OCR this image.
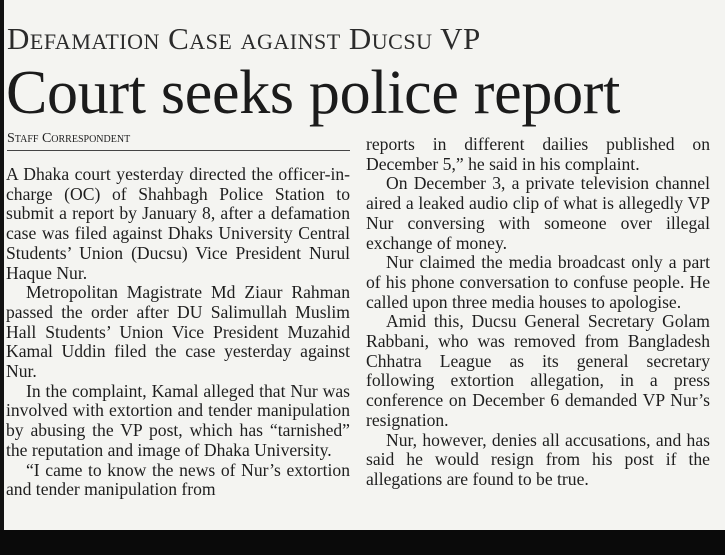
Defamation Case against Ducsu VP
Court seeks police report
Staff Correspondent

A Dhaka court yesterday directed the officer-in-charge (OC) of Shahbagh Police Station to submit a report by January 8, after a defamation case was filed against Dhaks University Central Students’ Union (Ducsu) Vice President Nurul Haque Nur.

Metropolitan Magistrate Md Ziaur Rahman passed the order after DU Salimullah Muslim Hall Students’ Union Vice President Muzahid Kamal Uddin filed the case yesterday against Nur.

In the complaint, Kamal alleged that Nur was involved with extortion and tender manipulation by abusing the VP post, which has “tarnished” the reputation and image of Dhaka University.

“I came to know the news of Nur’s extortion and tender manipulation from

reports in different dailies published on December 5,” he said in his complaint.

On December 3, a private television channel aired a leaked audio clip of what is allegedly VP Nur conversing with someone over illegal exchange of money.

Nur claimed the media broadcast only a part of his phone conversation to confuse people. He called upon three media houses to apologise.

Amid this, Ducsu General Secretary Golam Rabbani, who was removed from Bangladesh Chhatra League as its general secretary following extortion allegation, in a press conference on December 6 demanded VP Nur’s resignation.

Nur, however, denies all accusations, and has said he would resign from his post if the allegations are found to be true.
